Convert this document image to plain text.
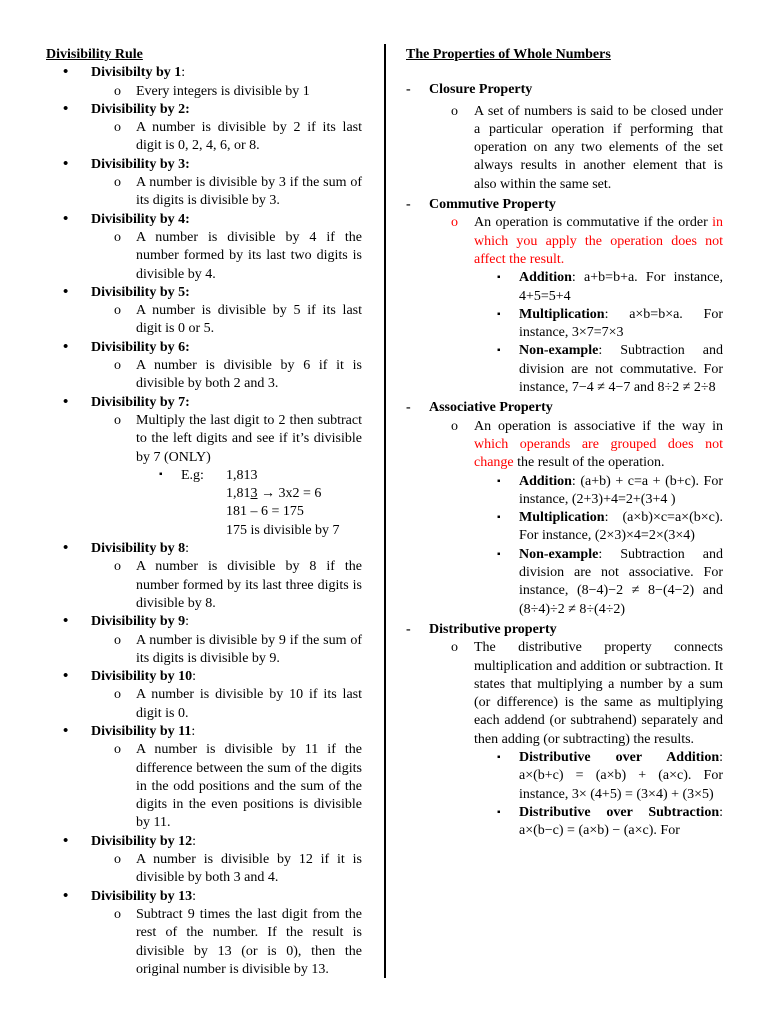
Divisibility Rule
• Divisibilty by 1:
o Every integers is divisible by 1
• Divisibility by 2:
o A number is divisible by 2 if its last digit is 0, 2, 4, 6, or 8.
• Divisibility by 3:
o A number is divisible by 3 if the sum of its digits is divisible by 3.
• Divisibility by 4:
o A number is divisible by 4 if the number formed by its last two digits is divisible by 4.
• Divisibility by 5:
o A number is divisible by 5 if its last digit is 0 or 5.
• Divisibility by 6:
o A number is divisible by 6 if it is divisible by both 2 and 3.
• Divisibility by 7:
o Multiply the last digit to 2 then subtract to the left digits and see if it’s divisible by 7 (ONLY)
▪ E.g:	1,813
1,813 → 3x2 = 6
181 – 6 = 175
175 is divisible by 7
• Divisibility by 8:
o A number is divisible by 8 if the number formed by its last three digits is divisible by 8.
• Divisibility by 9:
o A number is divisible by 9 if the sum of its digits is divisible by 9.
• Divisibility by 10:
o A number is divisible by 10 if its last digit is 0.
• Divisibility by 11:
o A number is divisible by 11 if the difference between the sum of the digits in the odd positions and the sum of the digits in the even positions is divisible by 11.
• Divisibility by 12:
o A number is divisible by 12 if it is divisible by both 3 and 4.
• Divisibility by 13:
o Subtract 9 times the last digit from the rest of the number. If the result is divisible by 13 (or is 0), then the original number is divisible by 13.
The Properties of Whole Numbers
- Closure Property
o A set of numbers is said to be closed under a particular operation if performing that operation on any two elements of the set always results in another element that is also within the same set.
- Commutive Property
o An operation is commutative if the order in which you apply the operation does not affect the result.
▪ Addition: a+b=b+a. For instance, 4+5=5+4
▪ Multiplication: a×b=b×a. For instance, 3×7=7×3
▪ Non-example: Subtraction and division are not commutative. For instance, 7−4 ≠ 4−7 and 8÷2 ≠ 2÷8
- Associative Property
o An operation is associative if the way in which operands are grouped does not change the result of the operation.
▪ Addition: (a+b) + c=a + (b+c). For instance, (2+3)+4=2+(3+4 )
▪ Multiplication: (a×b)×c=a×(b×c). For instance, (2×3)×4=2×(3×4)
▪ Non-example: Subtraction and division are not associative. For instance, (8−4)−2 ≠ 8−(4−2) and (8÷4)÷2 ≠ 8÷(4÷2)
- Distributive property
o The distributive property connects multiplication and addition or subtraction. It states that multiplying a number by a sum (or difference) is the same as multiplying each addend (or subtrahend) separately and then adding (or subtracting) the results.
▪ Distributive over Addition: a×(b+c) = (a×b) + (a×c). For instance, 3× (4+5) = (3×4) + (3×5)
▪ Distributive over Subtraction: a×(b−c) = (a×b) − (a×c). For
